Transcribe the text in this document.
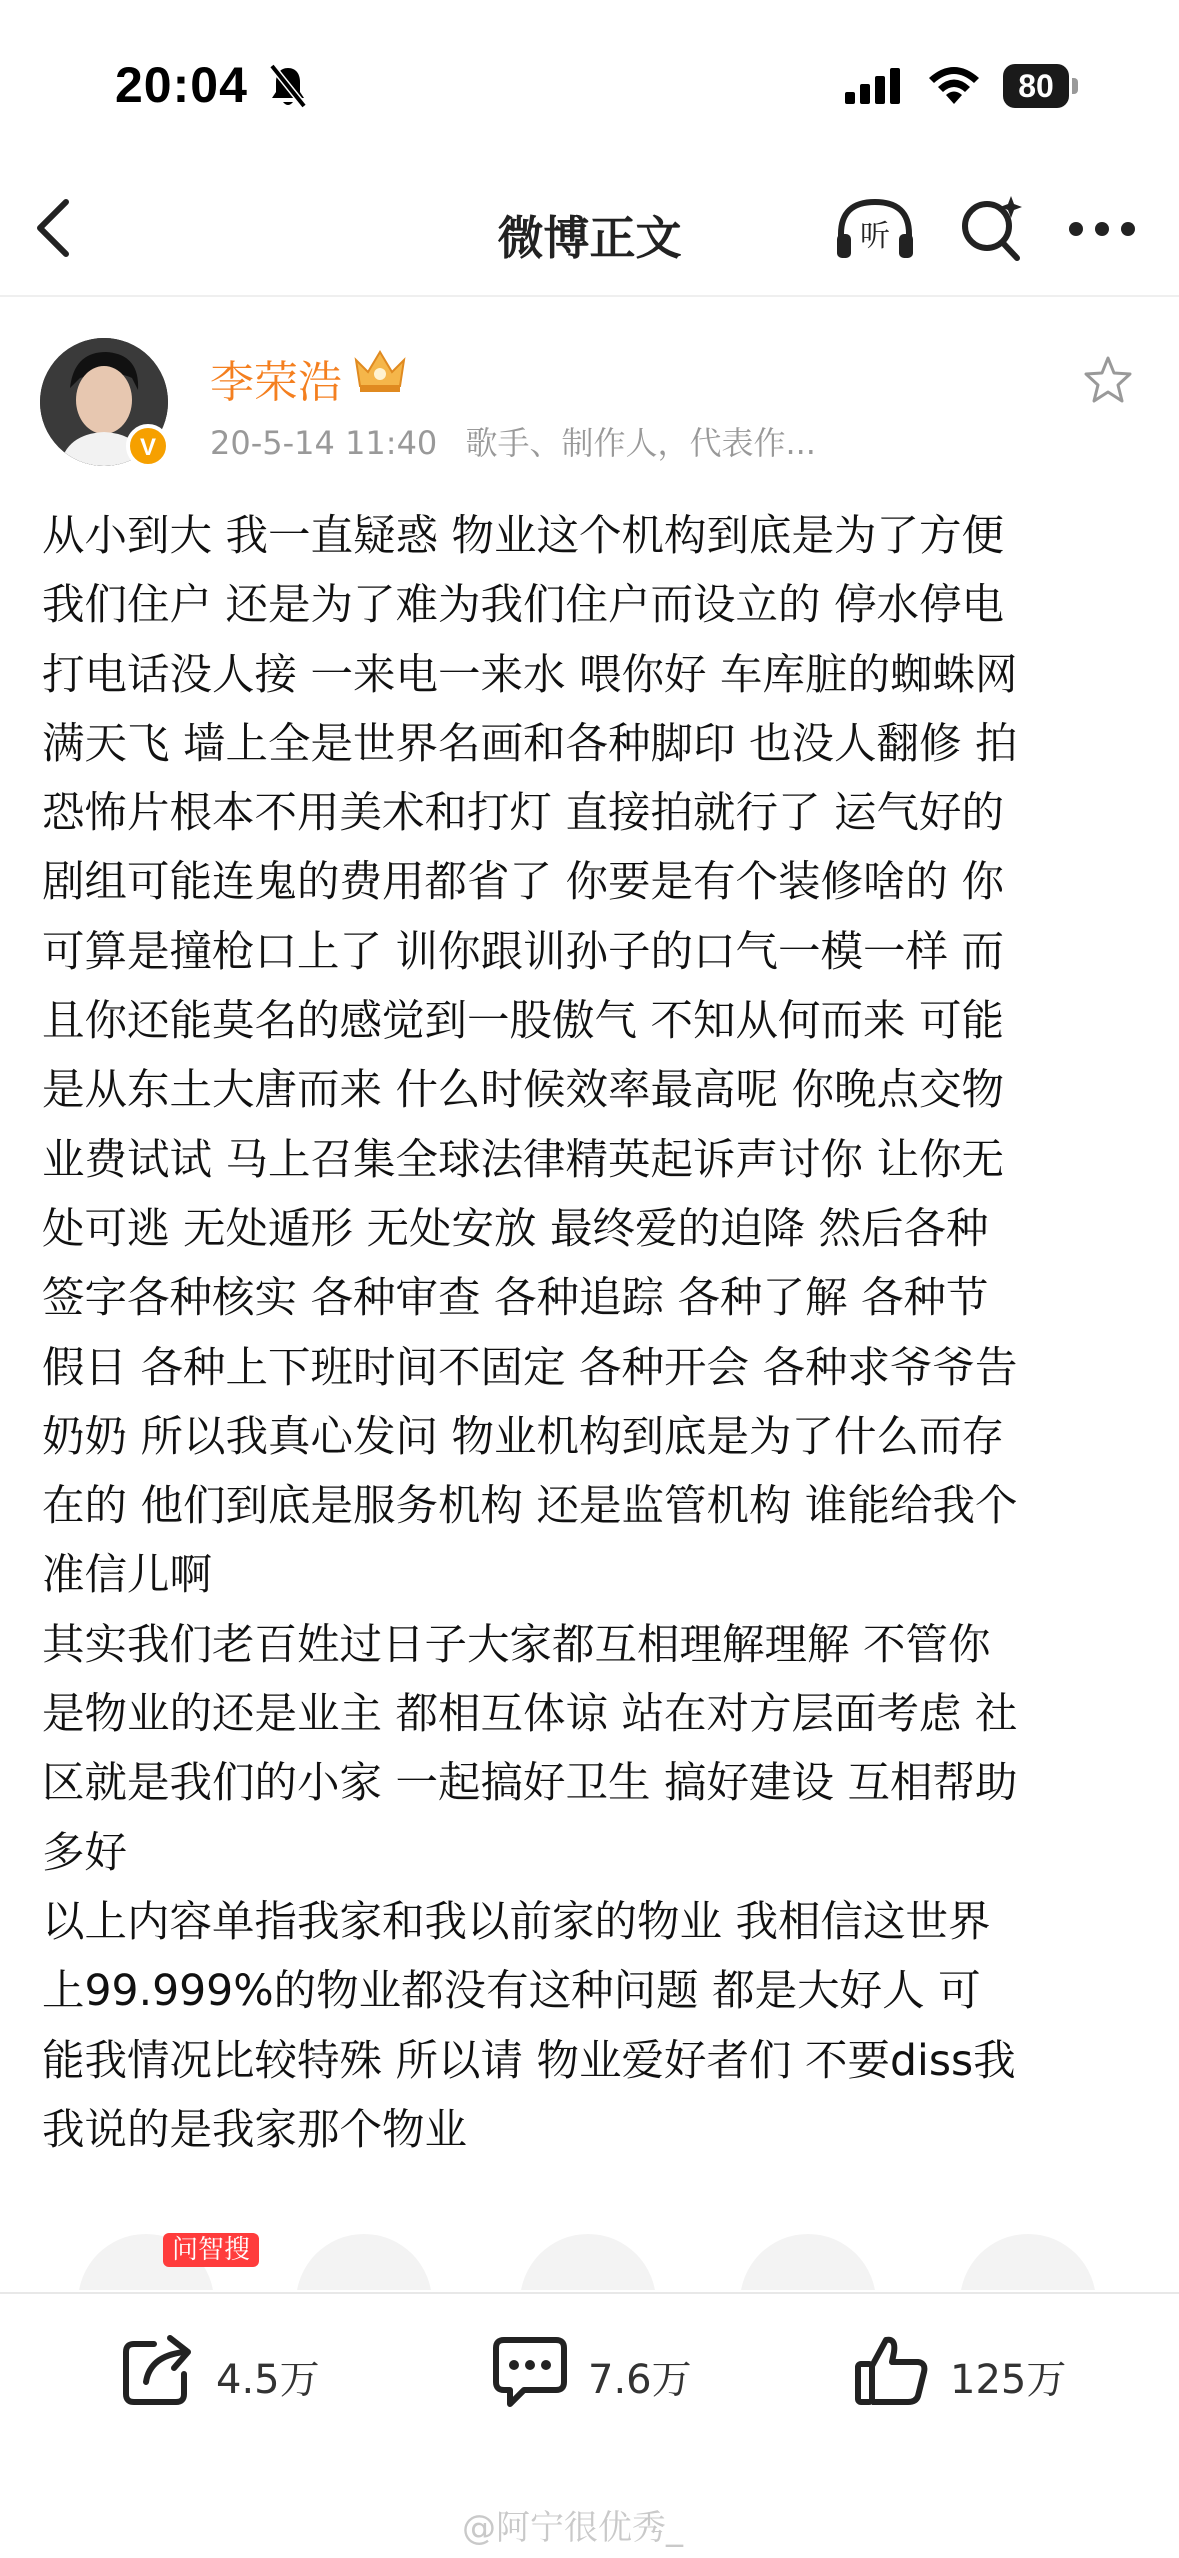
20:04	80
微博正文	听
V
李荣浩
20-5-14 11:40 歌手、制作人，代表作...
从小到大 我一直疑惑 物业这个机构到底是为了方便
我们住户 还是为了难为我们住户而设立的 停水停电
打电话没人接 一来电一来水 喂你好 车库脏的蜘蛛网
满天飞 墙上全是世界名画和各种脚印 也没人翻修 拍
恐怖片根本不用美术和打灯 直接拍就行了 运气好的
剧组可能连鬼的费用都省了 你要是有个装修啥的 你
可算是撞枪口上了 训你跟训孙子的口气一模一样 而
且你还能莫名的感觉到一股傲气 不知从何而来 可能
是从东土大唐而来 什么时候效率最高呢 你晚点交物
业费试试 马上召集全球法律精英起诉声讨你 让你无
处可逃 无处遁形 无处安放 最终爱的迫降 然后各种
签字各种核实 各种审查 各种追踪 各种了解 各种节
假日 各种上下班时间不固定 各种开会 各种求爷爷告
奶奶 所以我真心发问 物业机构到底是为了什么而存
在的 他们到底是服务机构 还是监管机构 谁能给我个
准信儿啊
其实我们老百姓过日子大家都互相理解理解 不管你
是物业的还是业主 都相互体谅 站在对方层面考虑 社
区就是我们的小家 一起搞好卫生 搞好建设 互相帮助
多好
以上内容单指我家和我以前家的物业 我相信这世界
上99.999%的物业都没有这种问题 都是大好人 可
能我情况比较特殊 所以请 物业爱好者们 不要diss我
我说的是我家那个物业
问智搜
4.5万	7.6万	125万
@阿宁很优秀_
